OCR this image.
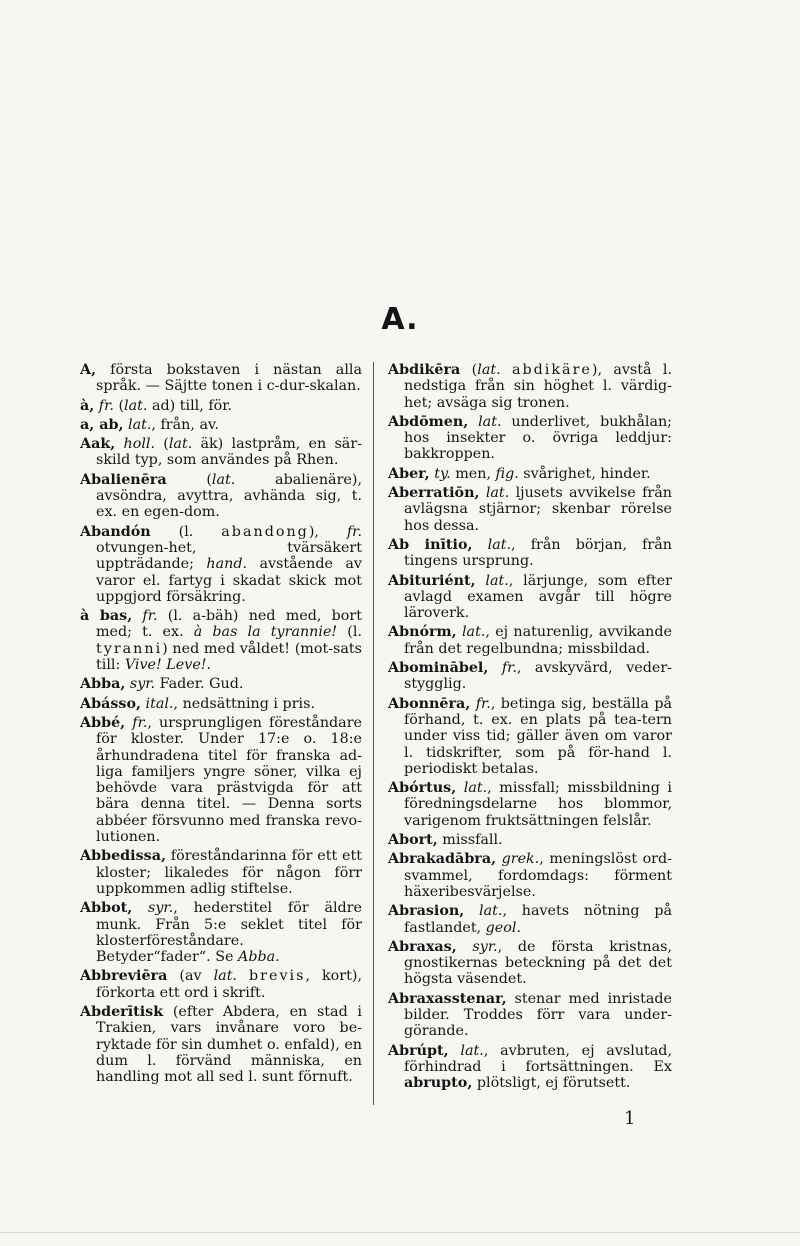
A.

A, första bokstaven i nästan alla språk. — Säjtte tonen i c-dur-skalan.

à, fr. (lat. ad) till, för.

a, ab, lat., från, av.

Aak, holl. (lat. äk) lastpråm, en sär-skild typ, som användes på Rhen.

Abalienēra (lat. abalienäre), avsöndra, avyttra, avhända sig, t. ex. en egen-dom.

Abandón (l. abandong), fr. otvungen-het, tvärsäkert uppträdande; hand. avstående av varor el. fartyg i skadat skick mot uppgjord försäkring.

à bas, fr. (l. a-bäh) ned med, bort med; t. ex. à bas la tyrannie! (l. tyranni) ned med våldet! (mot-sats till: Vive! Leve!.

Abba, syr. Fader. Gud.

Abásso, ital., nedsättning i pris.

Abbé, fr., ursprungligen föreståndare för kloster. Under 17:e o. 18:e århundradena titel för franska ad-liga familjers yngre söner, vilka ej behövde vara prästvigda för att bära denna titel. — Denna sorts abbéer försvunno med franska revo-lutionen.

Abbedissa, föreståndarinna för ett ett kloster; likaledes för någon förr uppkommen adlig stiftelse.

Abbot, syr., hederstitel för äldre munk. Från 5:e seklet titel för klosterföreståndare. Betyder“fader“. Se Abba.

Abbreviēra (av lat. brevis, kort), förkorta ett ord i skrift.

Abderītisk (efter Abdera, en stad i Trakien, vars invånare voro be-ryktade för sin dumhet o. enfald), en dum l. förvänd människa, en handling mot all sed l. sunt förnuft.

Abdikēra (lat. abdikäre), avstå l. nedstiga från sin höghet l. värdig-het; avsäga sig tronen.

Abdōmen, lat. underlivet, bukhålan; hos insekter o. övriga leddjur: bakkroppen.

Aber, ty. men, fig. svårighet, hinder.

Aberratiōn, lat. ljusets avvikelse från avlägsna stjärnor; skenbar rörelse hos dessa.

Ab inītio, lat., från början, från tingens ursprung.

Abituriént, lat., lärjunge, som efter avlagd examen avgår till högre läroverk.

Abnórm, lat., ej naturenlig, avvikande från det regelbundna; missbildad.

Abominābel, fr., avskyvärd, veder-stygglig.

Abonnēra, fr., betinga sig, beställa på förhand, t. ex. en plats på tea-tern under viss tid; gäller även om varor l. tidskrifter, som på för-hand l. periodiskt betalas.

Abórtus, lat., missfall; missbildning i föredningsdelarne hos blommor, varigenom fruktsättningen felslår.

Abort, missfall.

Abrakadābra, grek., meningslöst ord-svammel, fordomdags: förment häxeribesvärjelse.

Abrasion, lat., havets nötning på fastlandet, geol.

Abraxas, syr., de första kristnas, gnostikernas beteckning på det det högsta väsendet.

Abraxasstenar, stenar med inristade bilder. Troddes förr vara under-görande.

Abrúpt, lat., avbruten, ej avslutad, förhindrad i fortsättningen. Ex abrupto, plötsligt, ej förutsett.

1
